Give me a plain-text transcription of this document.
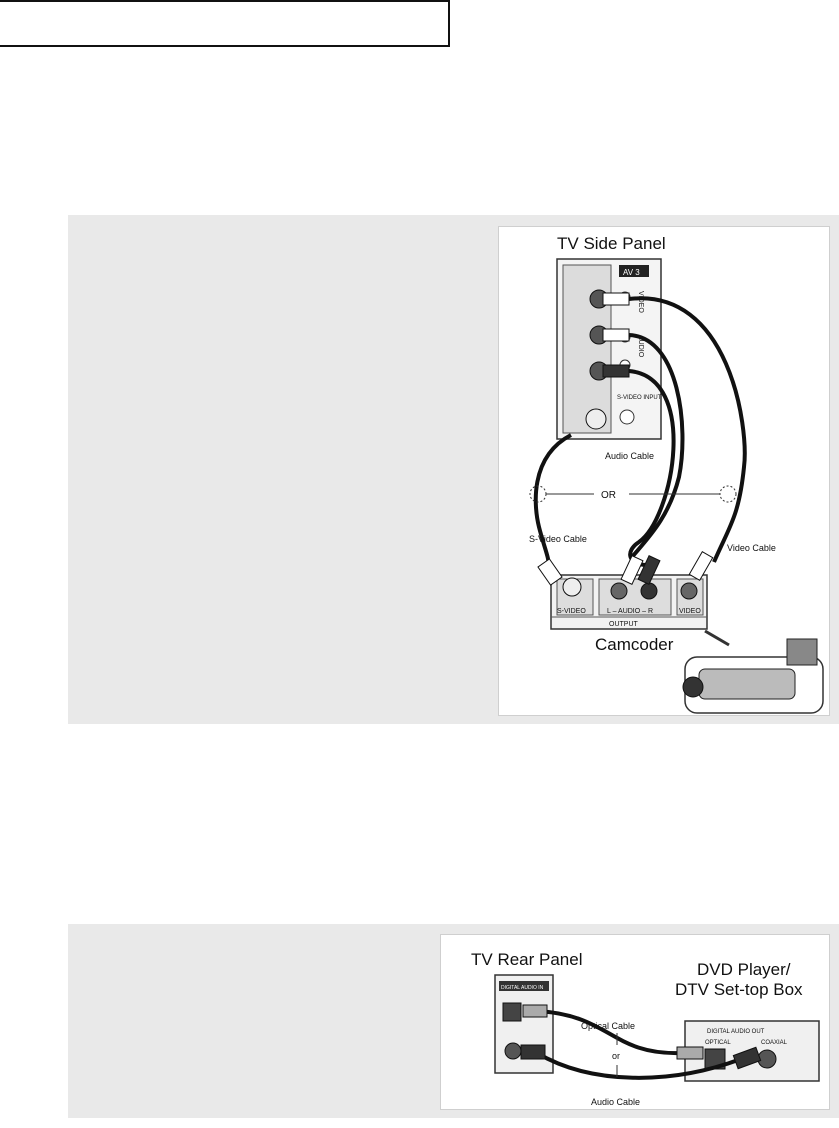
TV Side Panel
AV 3
VIDEO
AUDIO
S-VIDEO INPUT
Audio Cable
OR
S-Video Cable
Video Cable
S-VIDEO	L – AUDIO – R	VIDEO
OUTPUT
Camcoder
TV Rear Panel
DVD Player/
DTV Set-top Box
DIGITAL AUDIO IN
DIGITAL AUDIO OUT
OPTICAL	COAXIAL
Optical Cable
or
Audio Cable
